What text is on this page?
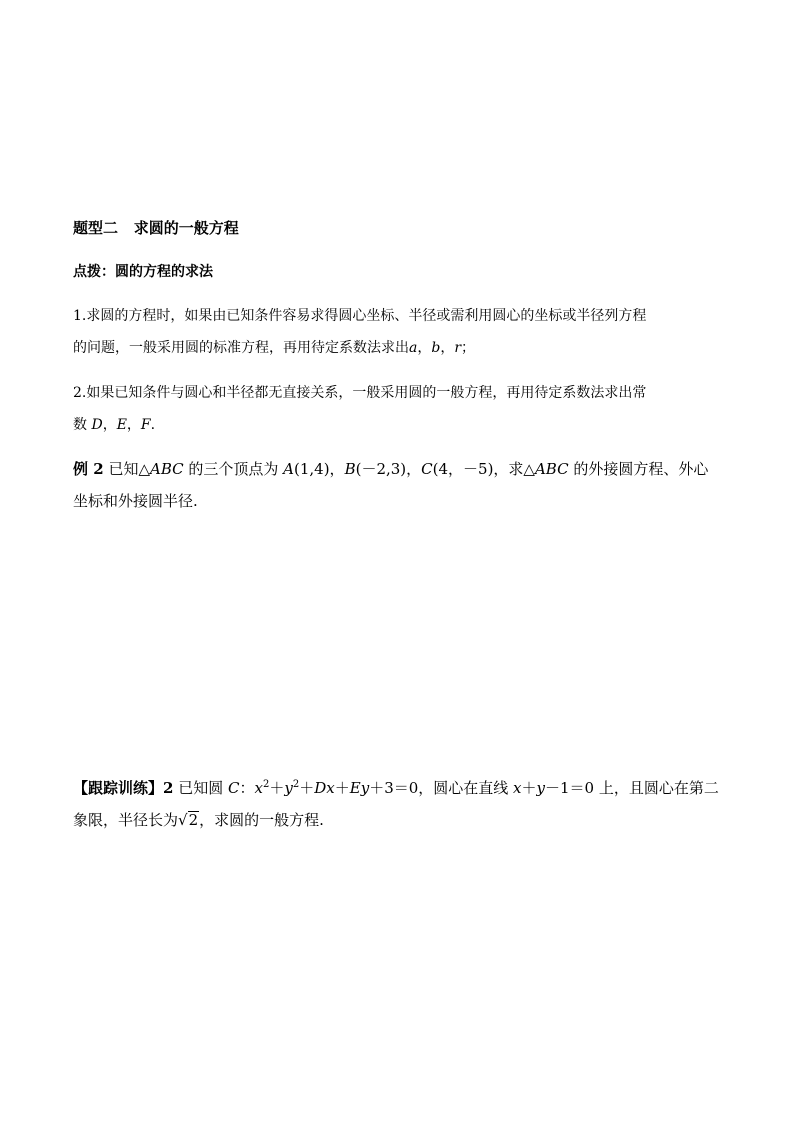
题型二 求圆的一般方程
点拨：圆的方程的求法
1.求圆的方程时，如果由已知条件容易求得圆心坐标、半径或需利用圆心的坐标或半径列方程
的问题，一般采用圆的标准方程，再用待定系数法求出a，b，r；
2.如果已知条件与圆心和半径都无直接关系，一般采用圆的一般方程，再用待定系数法求出常
数 D，E，F.
例 2 已知△ABC 的三个顶点为 A(1,4)，B(－2,3)，C(4，－5)，求△ABC 的外接圆方程、外心
坐标和外接圆半径.
【跟踪训练】2 已知圆 C：$x^2+y^2+Dx+Ey+3=0$，圆心在直线 x＋y－1＝0 上，且圆心在第二
象限，半径长为√2，求圆的一般方程.
